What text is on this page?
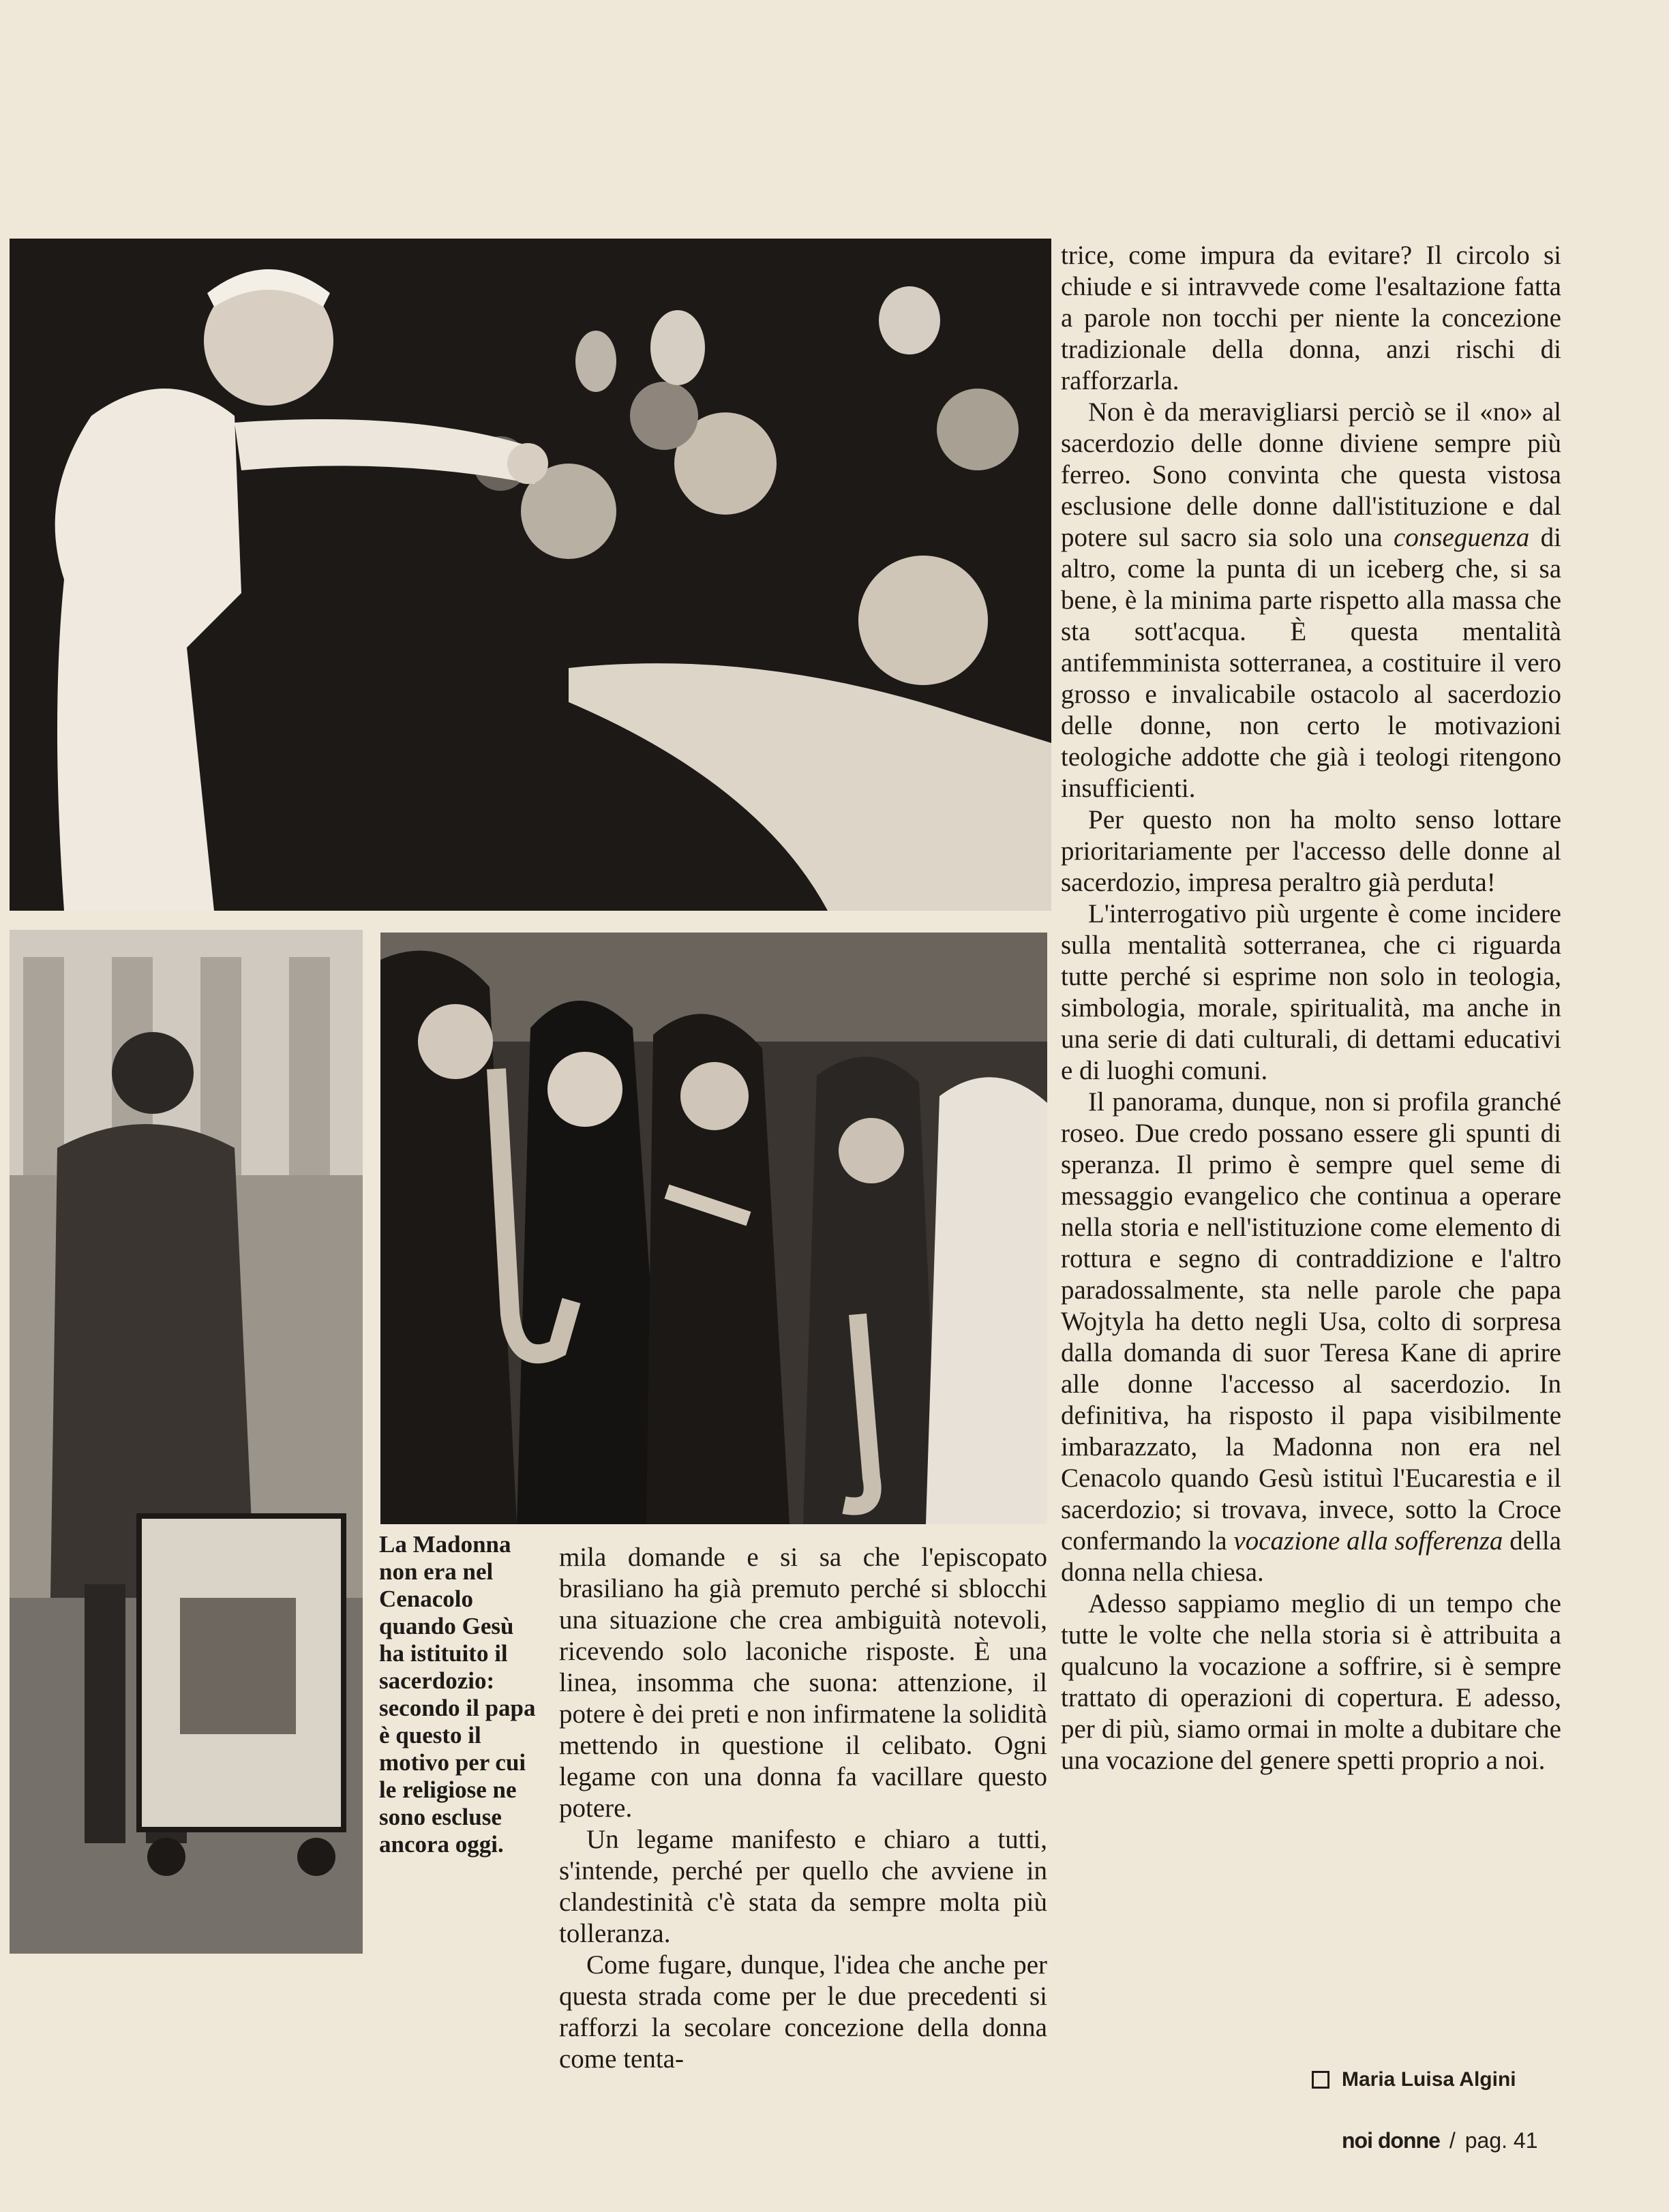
La Madonna non era nel Cenacolo quando Gesù ha istituito il sacerdozio: secondo il papa è questo il motivo per cui le religiose ne sono escluse ancora oggi.

trice, come impura da evitare? Il circolo si chiude e si intravvede come l'esaltazione fatta a parole non tocchi per niente la concezione tradizionale della donna, anzi rischi di rafforzarla.

Non è da meravigliarsi perciò se il «no» al sacerdozio delle donne diviene sempre più ferreo. Sono convinta che questa vistosa esclusione delle donne dall'istituzione e dal potere sul sacro sia solo una conseguenza di altro, come la punta di un iceberg che, si sa bene, è la minima parte rispetto alla massa che sta sott'acqua. È questa mentalità antifemminista sotterranea, a costituire il vero grosso e invalicabile ostacolo al sacerdozio delle donne, non certo le motivazioni teologiche addotte che già i teologi ritengono insufficienti.

Per questo non ha molto senso lottare prioritariamente per l'accesso delle donne al sacerdozio, impresa peraltro già perduta!

L'interrogativo più urgente è come incidere sulla mentalità sotterranea, che ci riguarda tutte perché si esprime non solo in teologia, simbologia, morale, spiritualità, ma anche in una serie di dati culturali, di dettami educativi e di luoghi comuni.

Il panorama, dunque, non si profila granché roseo. Due credo possano essere gli spunti di speranza. Il primo è sempre quel seme di messaggio evangelico che continua a operare nella storia e nell'istituzione come elemento di rottura e segno di contraddizione e l'altro paradossalmente, sta nelle parole che papa Wojtyla ha detto negli Usa, colto di sorpresa dalla domanda di suor Teresa Kane di aprire alle donne l'accesso al sacerdozio. In definitiva, ha risposto il papa visibilmente imbarazzato, la Madonna non era nel Cenacolo quando Gesù istituì l'Eucarestia e il sacerdozio; si trovava, invece, sotto la Croce confermando la vocazione alla sofferenza della donna nella chiesa.

Adesso sappiamo meglio di un tempo che tutte le volte che nella storia si è attribuita a qualcuno la vocazione a soffrire, si è sempre trattato di operazioni di copertura. E adesso, per di più, siamo ormai in molte a dubitare che una vocazione del genere spetti proprio a noi.

mila domande e si sa che l'episcopato brasiliano ha già premuto perché si sblocchi una situazione che crea ambiguità notevoli, ricevendo solo laconiche risposte. È una linea, insomma che suona: attenzione, il potere è dei preti e non infirmatene la solidità mettendo in questione il celibato. Ogni legame con una donna fa vacillare questo potere.

Un legame manifesto e chiaro a tutti, s'intende, perché per quello che avviene in clandestinità c'è stata da sempre molta più tolleranza.

Come fugare, dunque, l'idea che anche per questa strada come per le due precedenti si rafforzi la secolare concezione della donna come tenta-

Maria Luisa Algini
noi donne / pag. 41
